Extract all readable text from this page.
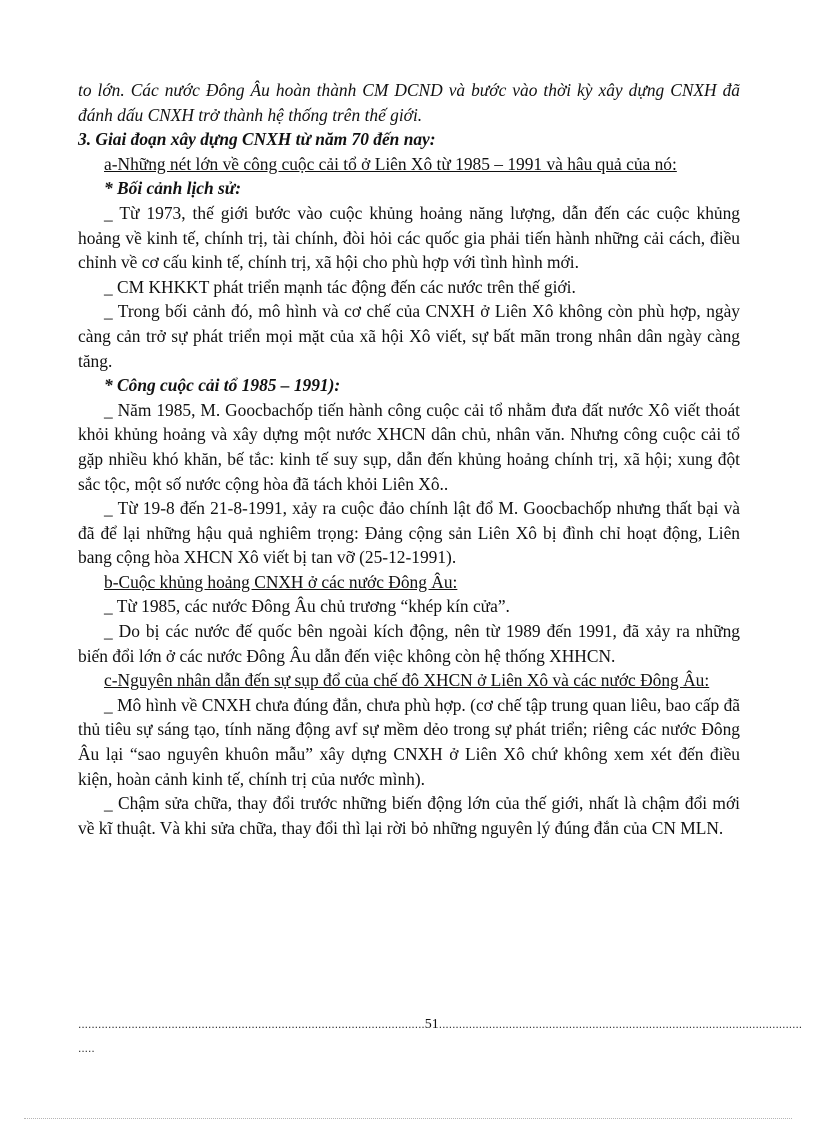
to lớn. Các nước Đông Âu hoàn thành CM DCND và bước vào thời kỳ xây dựng CNXH đã đánh dấu CNXH trở thành hệ thống trên thế giới.

3. Giai đoạn xây dựng CNXH từ năm 70 đến nay:

a-Những nét lớn về công cuộc cải tổ ở Liên Xô từ 1985 – 1991 và hâu quả của nó:

* Bối cảnh lịch sử:

_ Từ 1973, thế giới bước vào cuộc khủng hoảng năng lượng, dẫn đến các cuộc khủng hoảng về kinh tế, chính trị, tài chính, đòi hỏi các quốc gia phải tiến hành những cải cách, điều chỉnh về cơ cấu kinh tế, chính trị, xã hội cho phù hợp với tình hình mới.

_ CM KHKKT phát triển mạnh tác động đến các nước trên thế giới.

_ Trong bối cảnh đó, mô hình và cơ chế của CNXH ở Liên Xô không còn phù hợp, ngày càng cản trở sự phát triển mọi mặt của xã hội Xô viết, sự bất mãn trong nhân dân ngày càng tăng.

* Công cuộc cải tổ 1985 – 1991):

_ Năm 1985, M. Goocbachốp tiến hành công cuộc cải tổ nhằm đưa đất nước Xô viết thoát khỏi khủng hoảng và xây dựng một nước XHCN dân chủ, nhân văn. Nhưng công cuộc cải tổ gặp nhiều khó khăn, bế tắc: kinh tế suy sụp, dẫn đến khủng hoảng chính trị, xã hội; xung đột sắc tộc, một số nước cộng hòa đã tách khỏi Liên Xô..

_ Từ 19-8 đến 21-8-1991, xảy ra cuộc đảo chính lật đổ M. Goocbachốp nhưng thất bại và đã để lại những hậu quả nghiêm trọng: Đảng cộng sản Liên Xô bị đình chỉ hoạt động, Liên bang cộng hòa XHCN Xô viết bị tan vỡ (25-12-1991).

b-Cuộc khủng hoảng CNXH ở các nước Đông Âu:

_ Từ 1985, các nước Đông Âu chủ trương “khép kín cửa”.

_ Do bị các nước đế quốc bên ngoài kích động, nên từ 1989 đến 1991, đã xảy ra những biến đổi lớn ở các nước Đông Âu dẫn đến việc không còn hệ thống XHHCN.

c-Nguyên nhân dẫn đến sự sụp đổ của chế đô XHCN ở Liên Xô và các nước Đông Âu:

_ Mô hình về CNXH chưa đúng đắn, chưa phù hợp. (cơ chế tập trung quan liêu, bao cấp đã thủ tiêu sự sáng tạo, tính năng động avf sự mềm dẻo trong sự phát triển; riêng các nước Đông Âu lại “sao nguyên khuôn mẫu” xây dựng CNXH ở Liên Xô chứ không xem xét đến điều kiện, hoàn cảnh kinh tế, chính trị của nước mình).

_ Chậm sửa chữa, thay đổi trước những biến động lớn của thế giới, nhất là chậm đổi mới về kĩ thuật. Và khi sửa chữa, thay đổi thì lại rời bỏ những nguyên lý đúng đắn của CN MLN.

........................................................................................................51.............................................................................................................
.....
